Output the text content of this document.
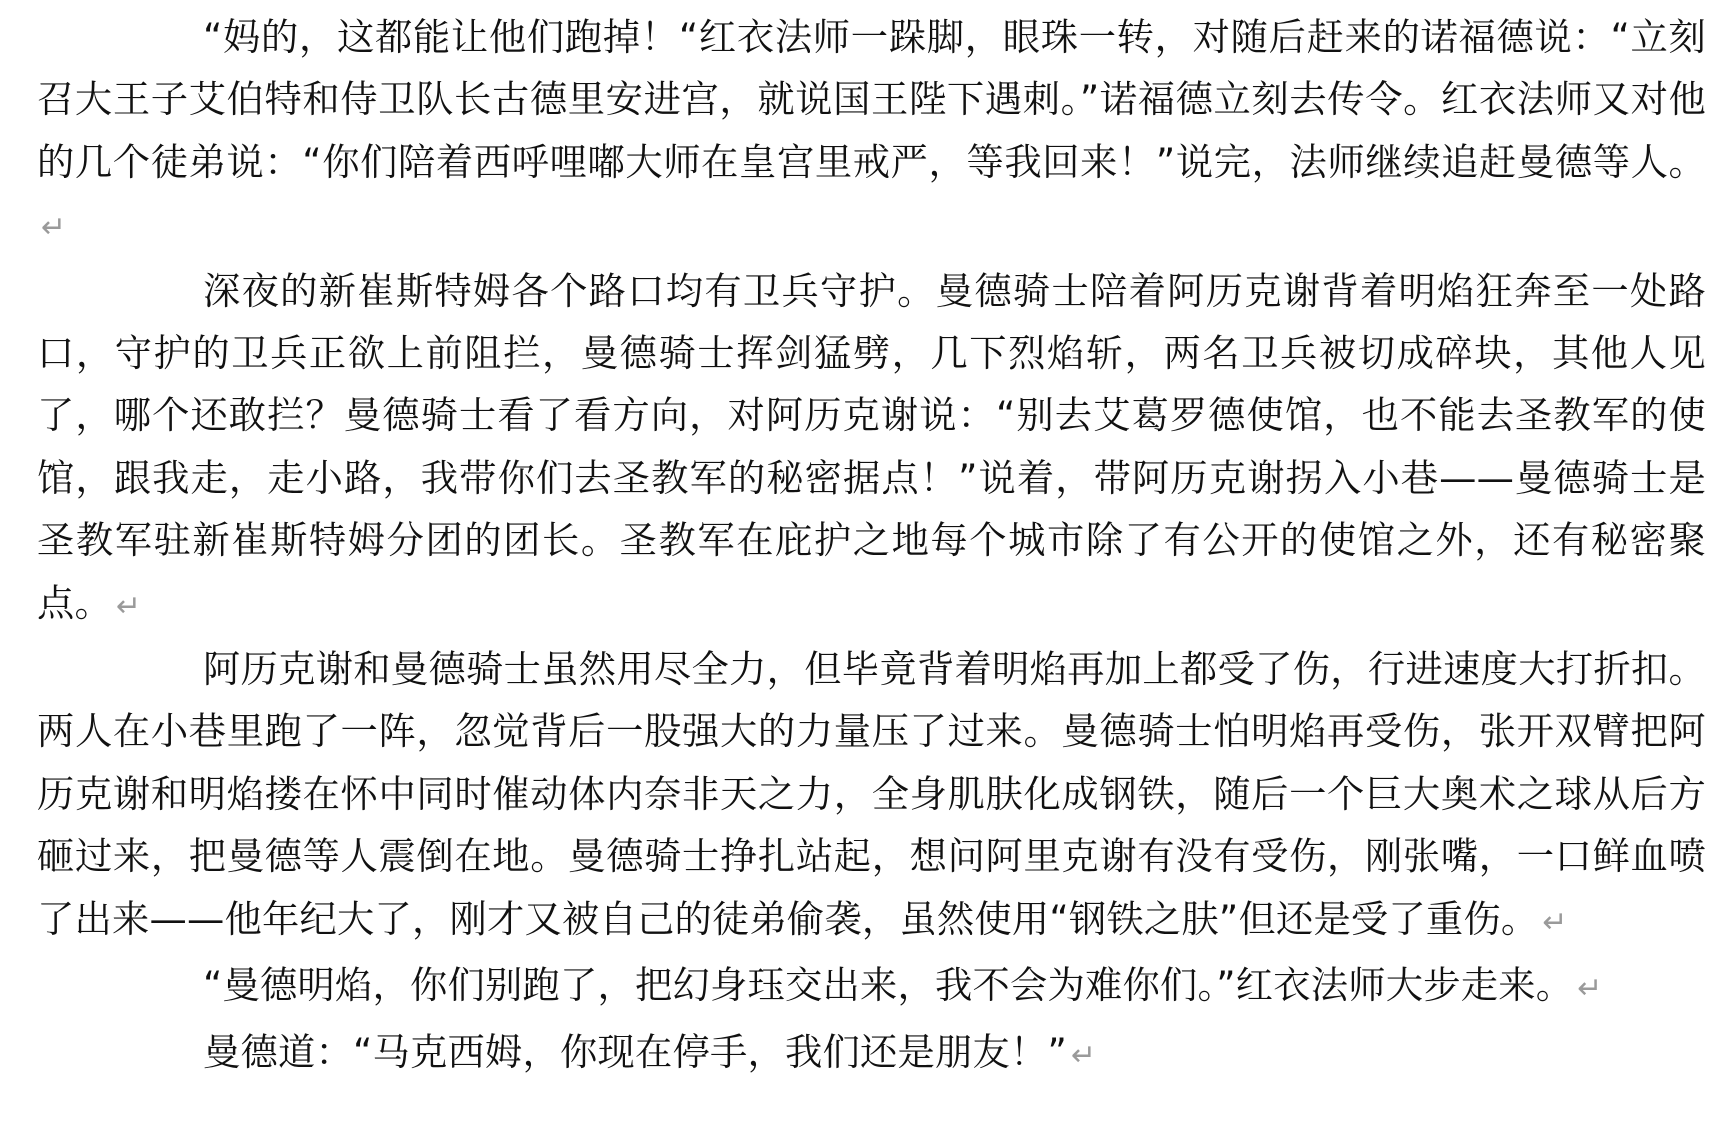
“妈的，这都能让他们跑掉！“红衣法师一跺脚，眼珠一转，对随后赶来的诺福德说：“立刻召大王子艾伯特和侍卫队长古德里安进宫，就说国王陛下遇刺。”诺福德立刻去传令。红衣法师又对他的几个徒弟说：“你们陪着西呼哩嘟大师在皇宫里戒严，等我回来！”说完，法师继续追赶曼德等人。↵

深夜的新崔斯特姆各个路口均有卫兵守护。曼德骑士陪着阿历克谢背着明焰狂奔至一处路口，守护的卫兵正欲上前阻拦，曼德骑士挥剑猛劈，几下烈焰斩，两名卫兵被切成碎块，其他人见了，哪个还敢拦？曼德骑士看了看方向，对阿历克谢说：“别去艾葛罗德使馆，也不能去圣教军的使馆，跟我走，走小路，我带你们去圣教军的秘密据点！”说着，带阿历克谢拐入小巷——曼德骑士是圣教军驻新崔斯特姆分团的团长。圣教军在庇护之地每个城市除了有公开的使馆之外，还有秘密聚点。 ↵

阿历克谢和曼德骑士虽然用尽全力，但毕竟背着明焰再加上都受了伤，行进速度大打折扣。两人在小巷里跑了一阵，忽觉背后一股强大的力量压了过来。曼德骑士怕明焰再受伤，张开双臂把阿历克谢和明焰搂在怀中同时催动体内奈非天之力，全身肌肤化成钢铁，随后一个巨大奥术之球从后方砸过来，把曼德等人震倒在地。曼德骑士挣扎站起，想问阿里克谢有没有受伤，刚张嘴，一口鲜血喷了出来——他年纪大了，刚才又被自己的徒弟偷袭，虽然使用“钢铁之肤”但还是受了重伤。 ↵

“曼德明焰，你们别跑了，把幻身珏交出来，我不会为难你们。”红衣法师大步走来。 ↵

曼德道：“马克西姆，你现在停手，我们还是朋友！” ↵
